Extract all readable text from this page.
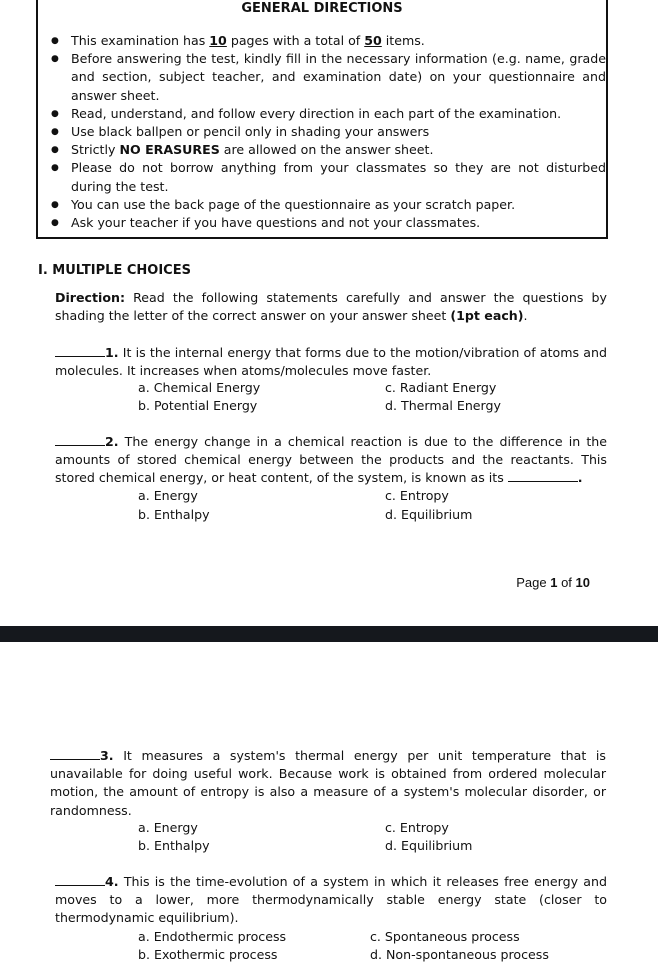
GENERAL DIRECTIONS
● This examination has 10 pages with a total of 50 items.
● Before answering the test, kindly fill in the necessary information (e.g. name, grade and section, subject teacher, and examination date) on your questionnaire and answer sheet.
● Read, understand, and follow every direction in each part of the examination.
● Use black ballpen or pencil only in shading your answers
● Strictly NO ERASURES are allowed on the answer sheet.
● Please do not borrow anything from your classmates so they are not disturbed during the test.
● You can use the back page of the questionnaire as your scratch paper.
● Ask your teacher if you have questions and not your classmates.
I. MULTIPLE CHOICES
Direction: Read the following statements carefully and answer the questions by shading the letter of the correct answer on your answer sheet (1pt each).
1. It is the internal energy that forms due to the motion/vibration of atoms and molecules. It increases when atoms/molecules move faster.
a. Chemical Energy
b. Potential Energy
c. Radiant Energy
d. Thermal Energy
2. The energy change in a chemical reaction is due to the difference in the amounts of stored chemical energy between the products and the reactants. This stored chemical energy, or heat content, of the system, is known as its	.
a. Energy
b. Enthalpy
c. Entropy
d. Equilibrium
Page 1 of 10
3. It measures a system's thermal energy per unit temperature that is unavailable for doing useful work. Because work is obtained from ordered molecular motion, the amount of entropy is also a measure of a system's molecular disorder, or randomness.
a. Energy
b. Enthalpy
c. Entropy
d. Equilibrium
4. This is the time-evolution of a system in which it releases free energy and moves to a lower, more thermodynamically stable energy state (closer to thermodynamic equilibrium).
a. Endothermic process
b. Exothermic process
c. Spontaneous process
d. Non-spontaneous process
